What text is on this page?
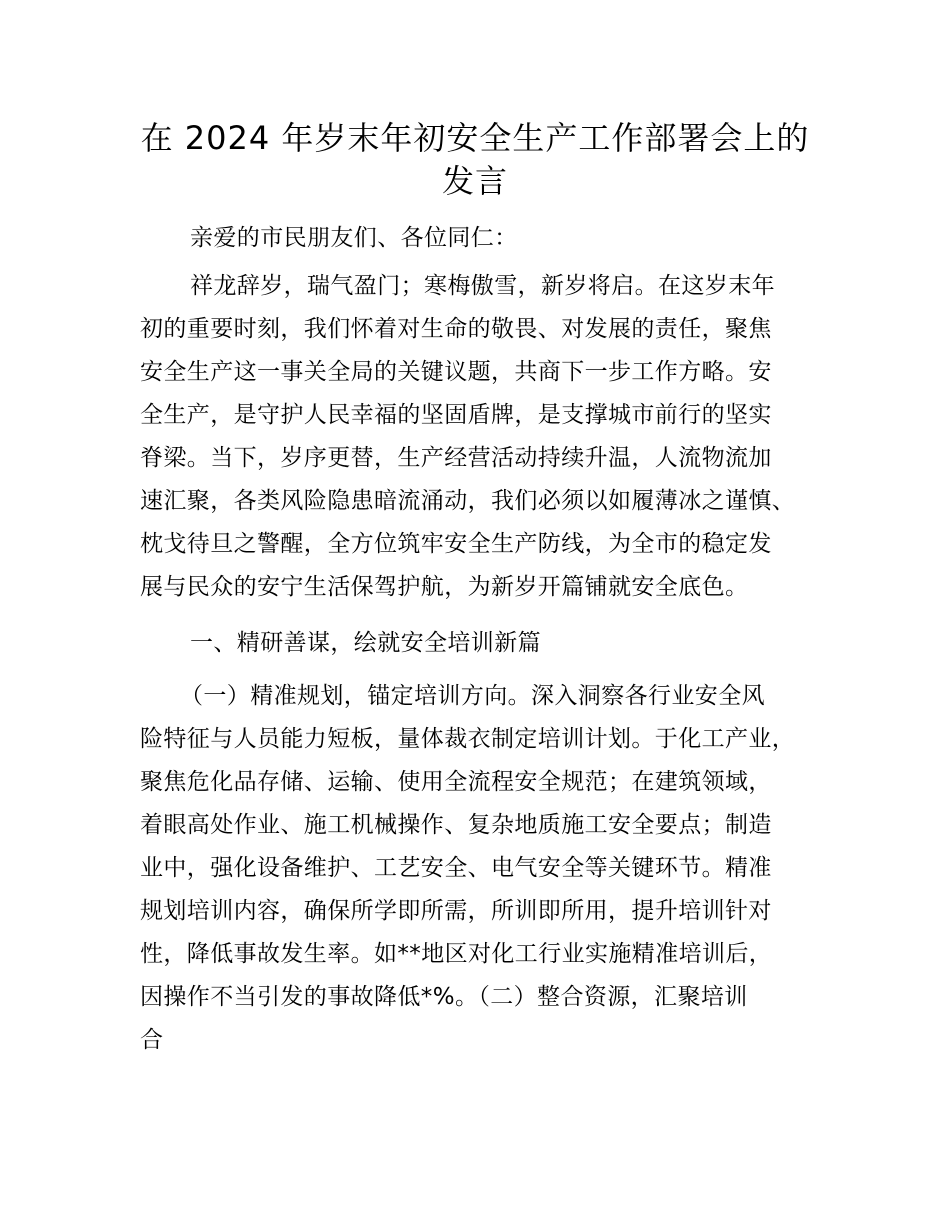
在 2024 年岁末年初安全生产工作部署会上的
发言
亲爱的市民朋友们、各位同仁：
祥龙辞岁，瑞气盈门；寒梅傲雪，新岁将启。在这岁末年
初的重要时刻，我们怀着对生命的敬畏、对发展的责任，聚焦
安全生产这一事关全局的关键议题，共商下一步工作方略。安
全生产，是守护人民幸福的坚固盾牌，是支撑城市前行的坚实
脊梁。当下，岁序更替，生产经营活动持续升温，人流物流加
速汇聚，各类风险隐患暗流涌动，我们必须以如履薄冰之谨慎、
枕戈待旦之警醒，全方位筑牢安全生产防线，为全市的稳定发
展与民众的安宁生活保驾护航，为新岁开篇铺就安全底色。
一、精研善谋，绘就安全培训新篇
（一）精准规划，锚定培训方向。深入洞察各行业安全风
险特征与人员能力短板，量体裁衣制定培训计划。于化工产业，
聚焦危化品存储、运输、使用全流程安全规范；在建筑领域，
着眼高处作业、施工机械操作、复杂地质施工安全要点；制造
业中，强化设备维护、工艺安全、电气安全等关键环节。精准
规划培训内容，确保所学即所需，所训即所用，提升培训针对
性，降低事故发生率。如**地区对化工行业实施精准培训后，
因操作不当引发的事故降低*%。（二）整合资源，汇聚培训
合
